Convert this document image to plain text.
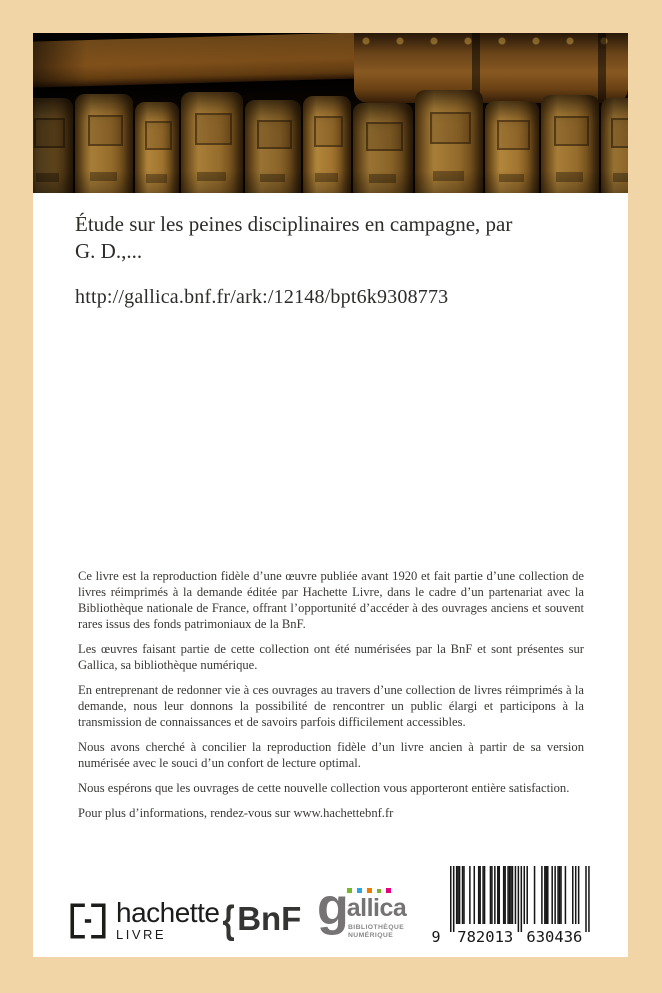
Étude sur les peines disciplinaires en campagne, par
G. D.,...
http://gallica.bnf.fr/ark:/12148/bpt6k9308773

Ce livre est la reproduction fidèle d’une œuvre publiée avant 1920 et fait partie d’une collection de livres réimprimés à la demande éditée par Hachette Livre, dans le cadre d’un partenariat avec la Bibliothèque nationale de France, offrant l’opportunité d’accéder à des ouvrages anciens et souvent rares issus des fonds patrimoniaux de la BnF.

Les œuvres faisant partie de cette collection ont été numérisées par la BnF et sont présentes sur Gallica, sa bibliothèque numérique.

En entreprenant de redonner vie à ces ouvrages au travers d’une collection de livres réimprimés à la demande, nous leur donnons la possibilité de rencontrer un public élargi et participons à la transmission de connaissances et de savoirs parfois difficilement accessibles.

Nous avons cherché à concilier la reproduction fidèle d’un livre ancien à partir de sa version numérisée avec le souci d’un confort de lecture optimal.

Nous espérons que les ouvrages de cette nouvelle collection vous apporteront entière satisfaction.

Pour plus d’informations, rendez-vous sur www.hachettebnf.fr

hachette
LIVRE	{BnF g allica
BIBLIOTHÈQUE
NUMÉRIQUE	9 782013 630436
